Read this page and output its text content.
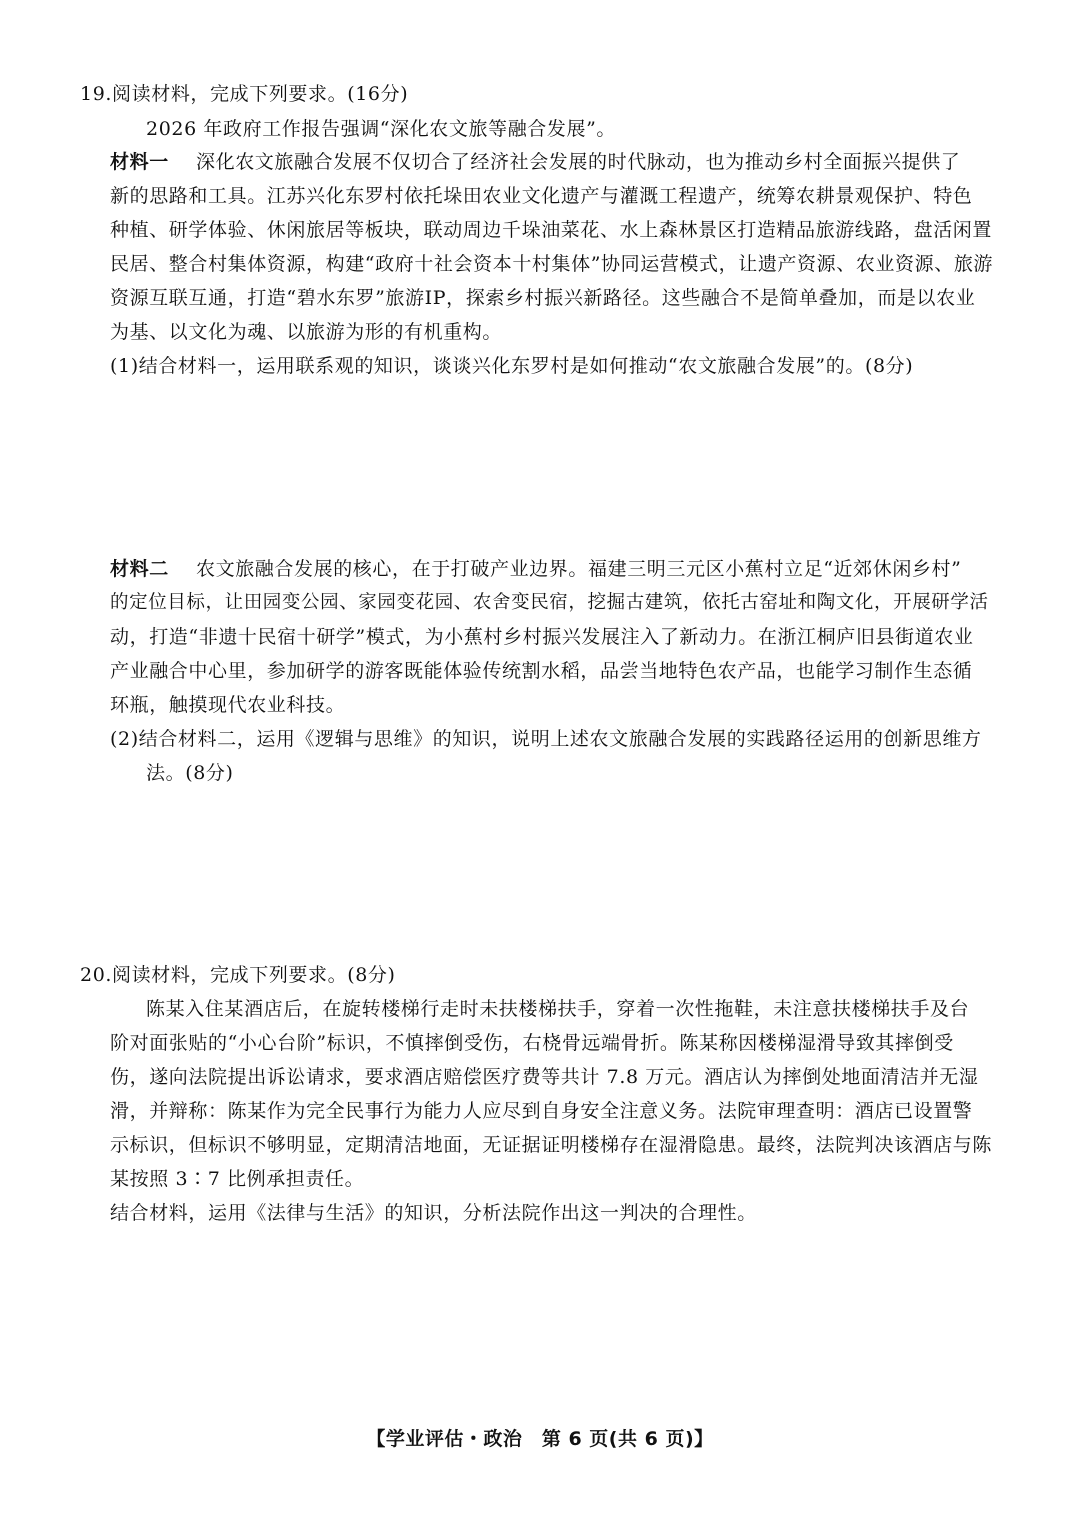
19.阅读材料，完成下列要求。(16分)
2026 年政府工作报告强调“深化农文旅等融合发展”。
材料一 深化农文旅融合发展不仅切合了经济社会发展的时代脉动，也为推动乡村全面振兴提供了
新的思路和工具。江苏兴化东罗村依托垛田农业文化遗产与灌溉工程遗产，统筹农耕景观保护、特色
种植、研学体验、休闲旅居等板块，联动周边千垛油菜花、水上森林景区打造精品旅游线路，盘活闲置
民居、整合村集体资源，构建“政府十社会资本十村集体”协同运营模式，让遗产资源、农业资源、旅游
资源互联互通，打造“碧水东罗”旅游IP，探索乡村振兴新路径。这些融合不是简单叠加，而是以农业
为基、以文化为魂、以旅游为形的有机重构。
(1)结合材料一，运用联系观的知识，谈谈兴化东罗村是如何推动“农文旅融合发展”的。(8分)
材料二 农文旅融合发展的核心，在于打破产业边界。福建三明三元区小蕉村立足“近郊休闲乡村”
的定位目标，让田园变公园、家园变花园、农舍变民宿，挖掘古建筑，依托古窑址和陶文化，开展研学活
动，打造“非遗十民宿十研学”模式，为小蕉村乡村振兴发展注入了新动力。在浙江桐庐旧县街道农业
产业融合中心里，参加研学的游客既能体验传统割水稻，品尝当地特色农产品，也能学习制作生态循
环瓶，触摸现代农业科技。
(2)结合材料二，运用《逻辑与思维》的知识，说明上述农文旅融合发展的实践路径运用的创新思维方
法。(8分)
20.阅读材料，完成下列要求。(8分)
陈某入住某酒店后，在旋转楼梯行走时未扶楼梯扶手，穿着一次性拖鞋，未注意扶楼梯扶手及台
阶对面张贴的“小心台阶”标识，不慎摔倒受伤，右桡骨远端骨折。陈某称因楼梯湿滑导致其摔倒受
伤，遂向法院提出诉讼请求，要求酒店赔偿医疗费等共计 7.8 万元。酒店认为摔倒处地面清洁并无湿
滑，并辩称：陈某作为完全民事行为能力人应尽到自身安全注意义务。法院审理查明：酒店已设置警
示标识，但标识不够明显，定期清洁地面，无证据证明楼梯存在湿滑隐患。最终，法院判决该酒店与陈
某按照 3∶7 比例承担责任。
结合材料，运用《法律与生活》的知识，分析法院作出这一判决的合理性。
【学业评估・政治　第 6 页(共 6 页)】
